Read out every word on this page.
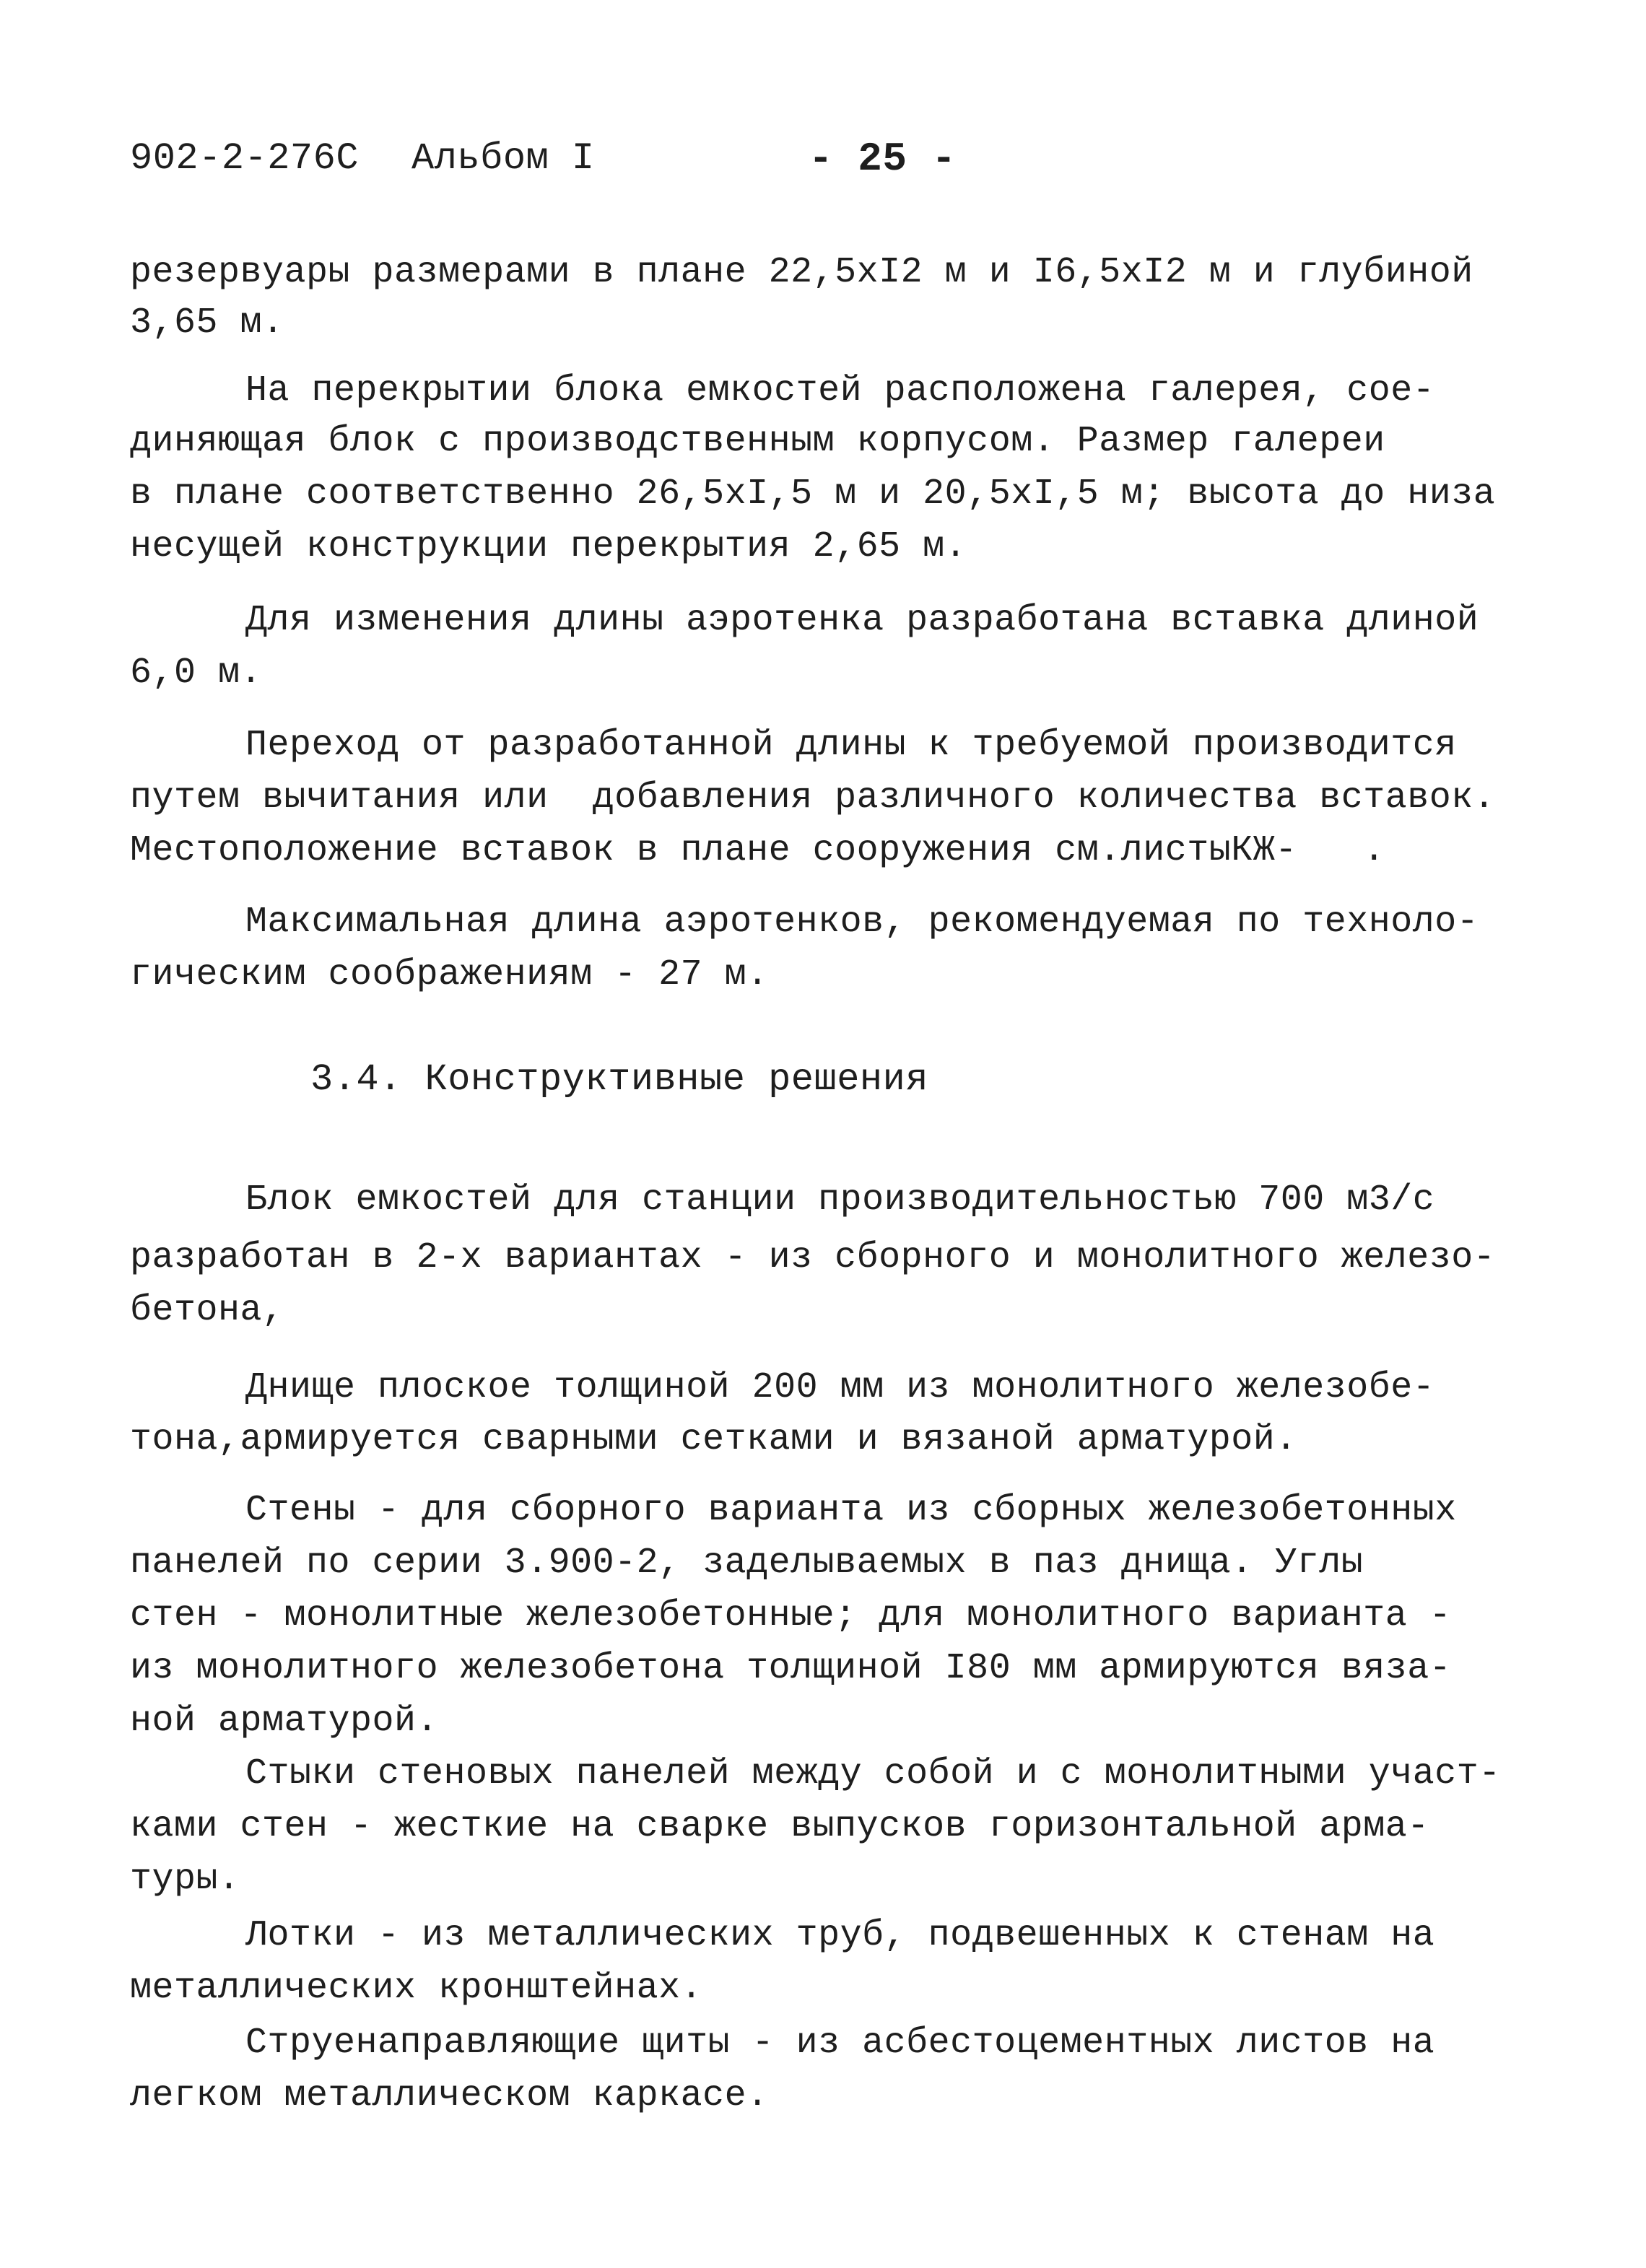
902-2-276С Альбом I	- 25 -
резервуары размерами в плане 22,5хI2 м и I6,5хI2 м и глубиной
3,65 м.
На перекрытии блока емкостей расположена галерея, сое-
диняющая блок с производственным корпусом. Размер галереи
в плане соответственно 26,5хI,5 м и 20,5хI,5 м; высота до низа
несущей конструкции перекрытия 2,65 м.
Для изменения длины аэротенка разработана вставка длиной
6,0 м.
Переход от разработанной длины к требуемой производится
путем вычитания или  добавления различного количества вставок.
Местоположение вставок в плане сооружения см.листыКЖ-   .
Максимальная длина аэротенков, рекомендуемая по техноло-
гическим соображениям - 27 м.
3.4. Конструктивные решения
Блок емкостей для станции производительностью 700 м3/с
разработан в 2-х вариантах - из сборного и монолитного железо-
бетона,
Днище плоское толщиной 200 мм из монолитного железобе-
тона,армируется сварными сетками и вязаной арматурой.
Стены - для сборного варианта из сборных железобетонных
панелей по серии 3.900-2, заделываемых в паз днища. Углы
стен - монолитные железобетонные; для монолитного варианта -
из монолитного железобетона толщиной I80 мм армируются вяза-
ной арматурой.
Стыки стеновых панелей между собой и с монолитными участ-
ками стен - жесткие на сварке выпусков горизонтальной арма-
туры.
Лотки - из металлических труб, подвешенных к стенам на
металлических кронштейнах.
Струенаправляющие щиты - из асбестоцементных листов на
легком металлическом каркасе.
